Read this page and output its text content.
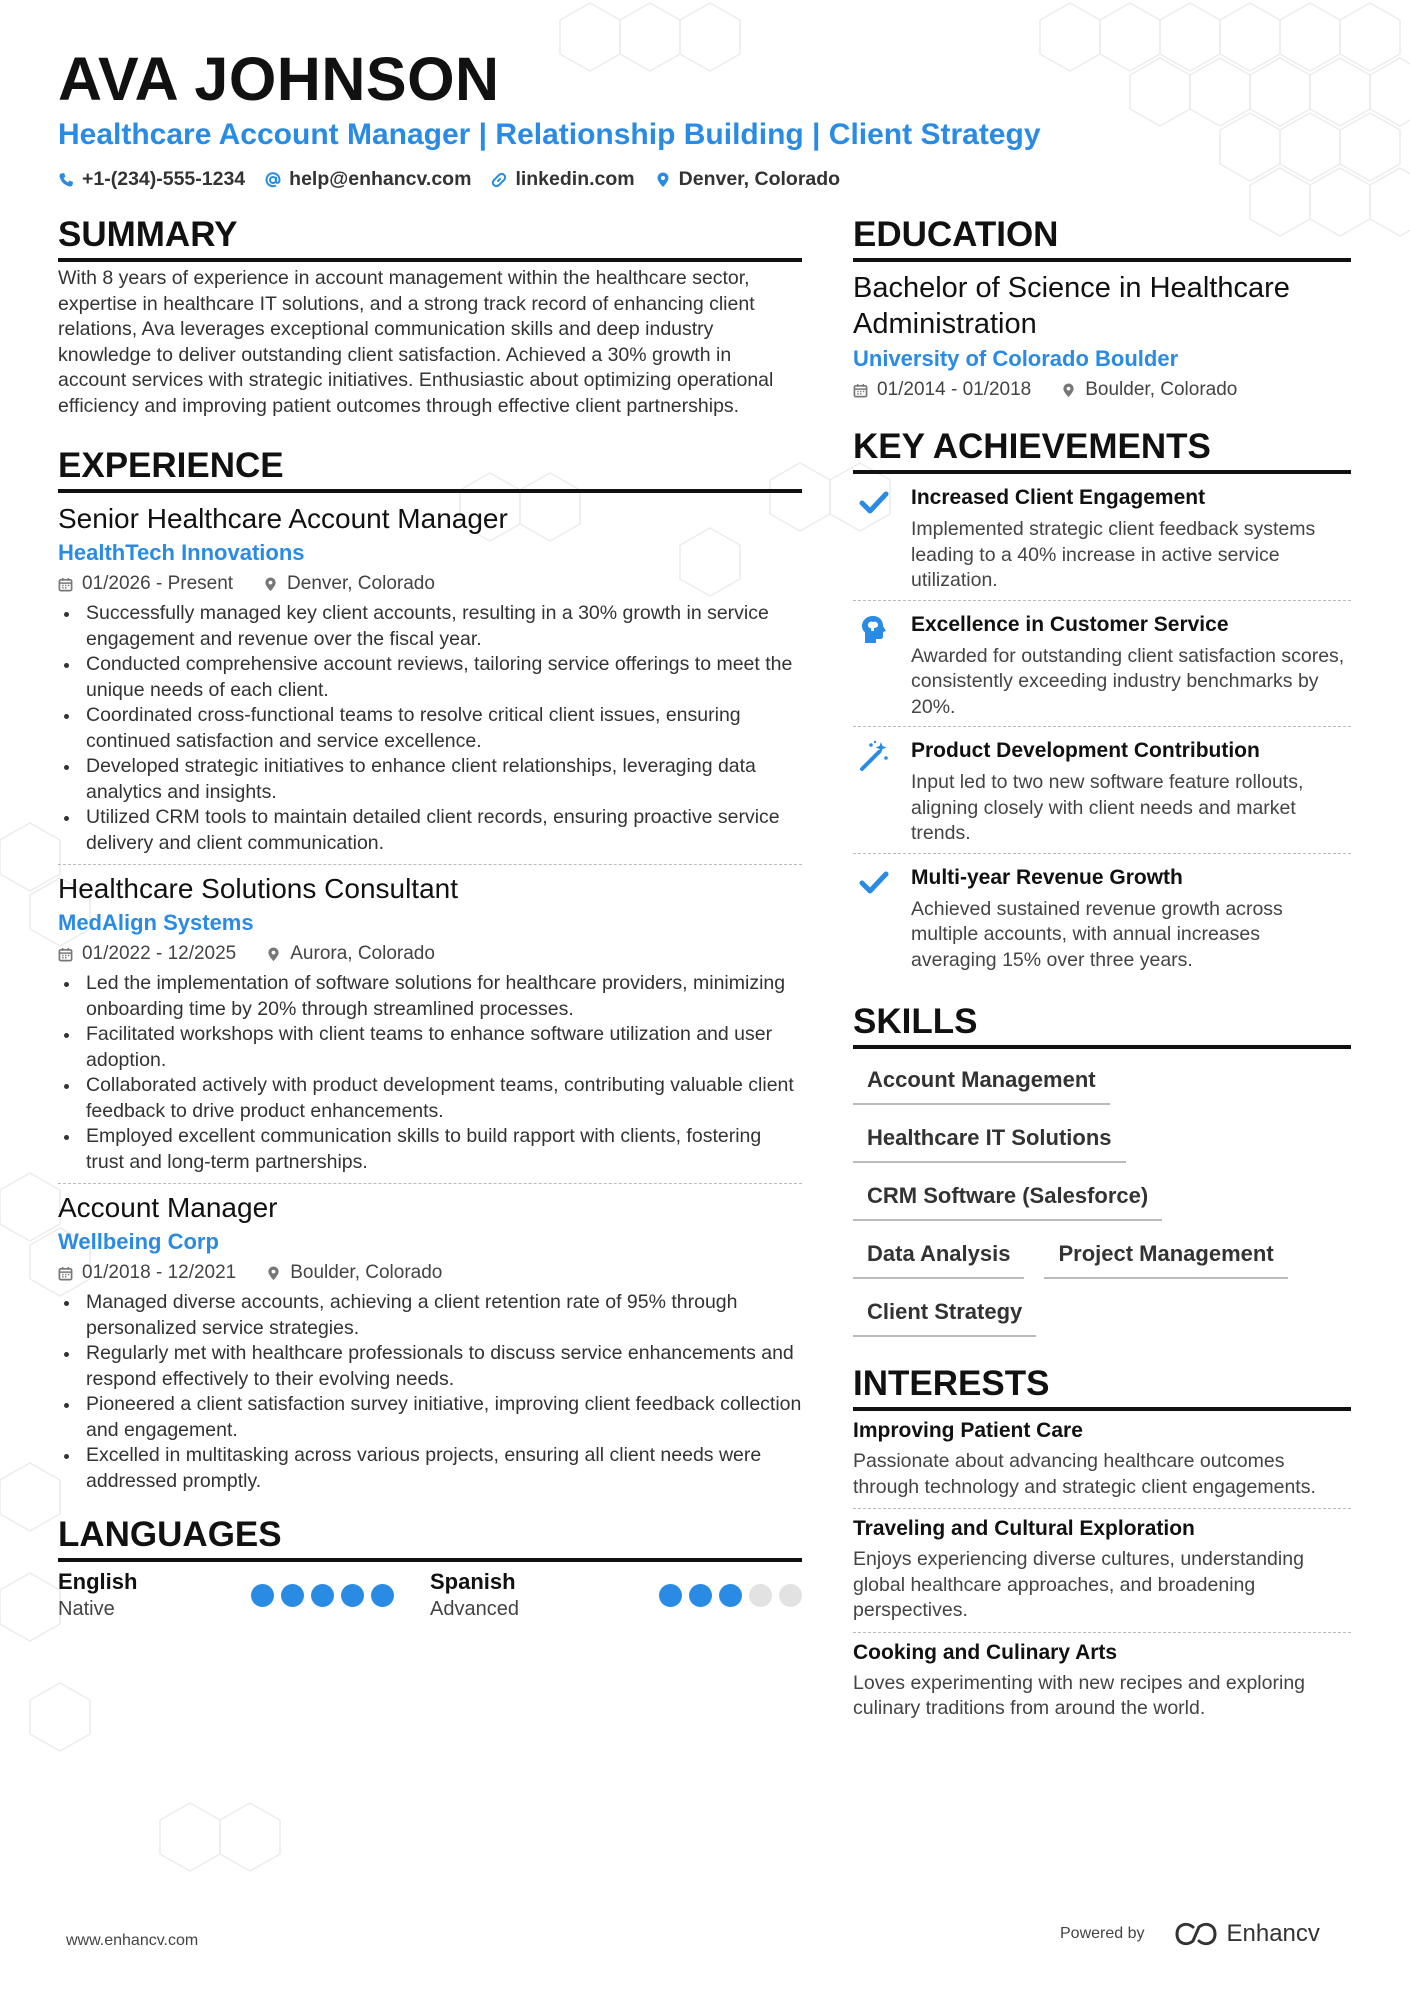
AVA JOHNSON
Healthcare Account Manager | Relationship Building | Client Strategy
+1-(234)-555-1234 help@enhancv.com linkedin.com Denver, Colorado
SUMMARY

With 8 years of experience in account management within the healthcare sector, expertise in healthcare IT solutions, and a strong track record of enhancing client relations, Ava leverages exceptional communication skills and deep industry knowledge to deliver outstanding client satisfaction. Achieved a 30% growth in account services with strategic initiatives. Enthusiastic about optimizing operational efficiency and improving patient outcomes through effective client partnerships.

EXPERIENCE
Senior Healthcare Account Manager
HealthTech Innovations
01/2026 - Present	Denver, Colorado
Successfully managed key client accounts, resulting in a 30% growth in service engagement and revenue over the fiscal year.
Conducted comprehensive account reviews, tailoring service offerings to meet the unique needs of each client.
Coordinated cross-functional teams to resolve critical client issues, ensuring continued satisfaction and service excellence.
Developed strategic initiatives to enhance client relationships, leveraging data analytics and insights.
Utilized CRM tools to maintain detailed client records, ensuring proactive service delivery and client communication.
Healthcare Solutions Consultant
MedAlign Systems
01/2022 - 12/2025	Aurora, Colorado
Led the implementation of software solutions for healthcare providers, minimizing onboarding time by 20% through streamlined processes.
Facilitated workshops with client teams to enhance software utilization and user adoption.
Collaborated actively with product development teams, contributing valuable client feedback to drive product enhancements.
Employed excellent communication skills to build rapport with clients, fostering trust and long-term partnerships.
Account Manager
Wellbeing Corp
01/2018 - 12/2021	Boulder, Colorado
Managed diverse accounts, achieving a client retention rate of 95% through personalized service strategies.
Regularly met with healthcare professionals to discuss service enhancements and respond effectively to their evolving needs.
Pioneered a client satisfaction survey initiative, improving client feedback collection and engagement.
Excelled in multitasking across various projects, ensuring all client needs were addressed promptly.
LANGUAGES
English
Native
Spanish
Advanced
EDUCATION
Bachelor of Science in Healthcare Administration
University of Colorado Boulder
01/2014 - 01/2018	Boulder, Colorado
KEY ACHIEVEMENTS
Increased Client Engagement
Implemented strategic client feedback systems leading to a 40% increase in active service utilization.
Excellence in Customer Service
Awarded for outstanding client satisfaction scores, consistently exceeding industry benchmarks by 20%.
Product Development Contribution
Input led to two new software feature rollouts, aligning closely with client needs and market trends.
Multi-year Revenue Growth
Achieved sustained revenue growth across multiple accounts, with annual increases averaging 15% over three years.
SKILLS
Account Management
Healthcare IT Solutions
CRM Software (Salesforce)
Data Analysis	Project Management
Client Strategy
INTERESTS
Improving Patient Care
Passionate about advancing healthcare outcomes through technology and strategic client engagements.
Traveling and Cultural Exploration
Enjoys experiencing diverse cultures, understanding global healthcare approaches, and broadening perspectives.
Cooking and Culinary Arts
Loves experimenting with new recipes and exploring culinary traditions from around the world.
www.enhancv.com	Powered by	Enhancv
